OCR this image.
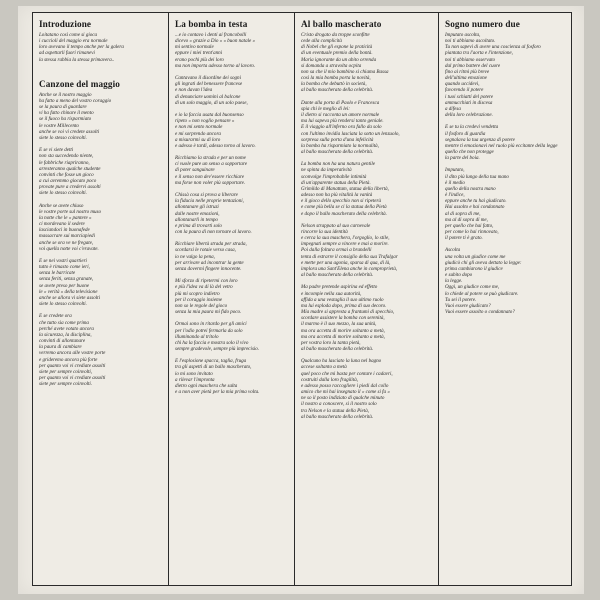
Introduzione
Loitatano così come si gioca
i cuccioli del maggio era normale
loro avevano il tempo anche per la galera
ad aspettarli fuori rimanevi
la stessa rabbia la stessa primavera..
Canzone del maggio
Anche se il nostro maggio
ha fatto a meno del vostro coraggio
se la paura di guardare
vi ha fatto chinare il mento
se il fuoco ha risparmiato
le vostre Millecento
anche se voi vi credete assolti
siete lo stesso coinvolti.

E se vi siete detti
non sta succedendo niente,
le fabbriche riapriranno,
arresteranno qualche studente
convinti che fosse un gioco
a cui avremmo giocato poco
provate pure a credervi assolti
siete lo stesso coinvolti.

Anche se avete chiuso
le vostre porte sul nostro muso
la notte che le « pantere »
ci mordevano il sedere
lasciandoci in buonafede
massacrare sui marciapiedi
anche se ora ve ne fregate,
voi quella notte voi c'eravate.

E se nei vostri quartieri
tutto è rimasto come ieri,
senza le barricate
senza feriti, senza granate,
se avete preso per buone
le « verità » della televisione
anche se allora vi siete assolti
siete lo stesso coinvolti.

E se credete ora
che tutto sia come prima
perché avete votato ancora
la sicurezza, la disciplina,
convinti di allontanare
la paura di cambiare
verremo ancora alle vostre porte
e grideremo ancora più forte
per quanto voi vi crediate assolti
siete per sempre coinvolti,
per quanto voi vi crediate assolti
siete per sempre coinvolti.
La bomba in testa
...e io contavo i denti ai francobolli
dicevo « grazie a Dio » « buon natale »
mi sentivo normale
eppure i miei trent'anni
erano pochi più dei loro
ma non importa adesso torno al lavoro.

Cantavano il disordine dei sogni
gli ingrati del benessere francese
e non davan l'idea
di denunciare uomini al balcone
di un solo maggio, di un solo paese,

e io la faccia usata dal buonsenso
ripeto « non voglio pensare »
e non mi sento normale
e mi sorprendo ancora
a misurarmi su di loro
e adesso è tardi, adesso torno al lavoro.

Ricchiamo la strada e per un nome
ci vuole pure un senso a sopportare
di poter sanguinare
e il senso non dev'essere ricchiare
ma forse non voler più sopportare.

Chissà cosa si prova a liberare
la fiducia nelle proprie tentazioni,
allontanare gli istruzi
dalle nostre emozioni,
allontanarli in tempo
e prima di trovarti solo
con la paura di non tornare al lavoro.

Ricchiare libertà strada per strada,
scordarsi le rotaie verso casa,
io ne valgo la pena,
per arrivare ad incontrar la gente
senza dovermi fingere innocente.

Mi sforzo di ripetermi con loro
e più l'idea va di là del vetro
più mi scopro indietro
per il coraggio insieme
non so le regole del gioco
senza la mia paura mi fido poco.

Ormai sono in ritardo per gli amici
per l'odio potrei fermarla da solo
illuminando al tritolo
chi ha la faccia e mostra solo il vivo
sempre gradevole, sempre più imprecisio.

E l'esplosione spacca, taglia, fruga
tra gli aspetti di un ballo mascherato,
io mi sono invitato
a rilevar l'impronta
dietro ogni maschera che salta
e a non aver pietà per la mia prima volta.
Al ballo mascherato
Cristo drogato da troppe sconfitte
cede alla complicità
di Nobel che gli espone la praticità
di un eventuale premio della bontà.
Maria ignorante da un abito orrenda
si domanda a stravolta ocpita
non sa che il mio bambino si chiama Bassa
così la mia bomba porta la novità,
la bomba che debuttò in società,
al ballo mascherato della celebrità.

Dante alla porta di Paolo e Francesca
spia chi le meglio di lei:
il dietro si racconta un amore normale
ma lui sapeva più rendersi tanto geniale.
E il viaggio all'inferno ora fallo da solo
con l'ultimo invidia lasciata la sotto un lenzuolo,
sorpresa sulla porta d'una infelicità
la bomba ha risparmiato la normalità,
al ballo mascherato della celebrità.

La bomba non ha una natura gentile
ne spinta da imperatività
sconvolge l'improbabile intimità
di un'apparente statua della Pietà.
Grimildo di Manattam, statua della libertà,
adesso non ha più vitalità la vanità
e il gioco dello specchio non si ripeterà
e come più bella se ci la statua della Pietà
e dopo il ballo mascherato della celebrità.

Nelson strappato al suo carnevale
rincorre la sua identità
e cerca la sua maschera, l'orgoglio, lo stile,
impegnati sempre a vincere e mai a morire.
Poi dalla foltura ormai a brandelli
tenta di estrarre il consiglio della sua Trafalgar
e mette per una agonia, sparsa di qua, di là,
implora una Sant'Elena anche in comproprietà,
al ballo mascherato della celebrità.

Ma padre pretende aspirina ed effetto
e incompie nella sua autorità,
affida a una vestaglia il suo ultimo ruolo
ma lui esploda dopo, prima di suo decoro.
Mia madre si appresta a frantumi di specchio,
scordare assistere la bomba con serenità,
il marmo è il suo mezzo, la sua unità,
ma ora accetta di morire soltanto a metà,
ma ora accetta di morire soltanto a metà,
per vostra loro la tanta pietà,
al ballo mascherato della celebrità.

Qualcuno ha lasciato la luna nel bagno
accese soltanto a metà
quel poco che mi basta per contare i cadavri,
costruiti dalla loro fragilità,
e adesso posso raccogliere i piedi dal collo
amico che mi hai insegnato il « come si fa »
ne so il posto indiziato di qualche minuto
il nostro a conoscere, si il nostro solo
tra Nelson e la statua della Pietà,
al ballo mascherato della celebrità.
Sogno numero due
Imputato ascolta,
noi ti abbiamo ascoltato.
Tu non sapevi di avere una coscienza al fosforo
piantata tra l'aorta e l'intenzione,
noi ti abbiamo osservato
dal primo battere del cuore
fino ai ritmi più breve
dell'ultima emozione
quando uccidevi,
favorendo il potere
i tuoi schiatti del potere
ammucchiati in discesa
a difesa
della loro celebrazione.

E se tu la credevi vendetta
il fosforo di guardia
segnalava la tua urgenza di potere
mentre ti emozionavi nel ruolo più eccitante della legge
quello che non protegge
la parte del boia.

Imputato,
il dito più lungo della tua mano
è il medio
quello della nostra mano
è l'indice,
eppure anche tu hai giudicato.
Hai assolto e hai condannato
al di sopra di me,
ma al di sopra di me,
per quello che hai fatto,
per come lo hai rinnovato,
il potere ti è grato.

Ascolta
una volta un giudice come me
giudicò chi gli aveva dettato la legge:
prima cambiarono il giudice
e subito dopo
la legge.
Oggi, un giudice come me,
lo chiede al potere se può giudicare.
Tu sei il potere.
Vuoi essere giudicato?
Vuoi essere assolto o condannato?
